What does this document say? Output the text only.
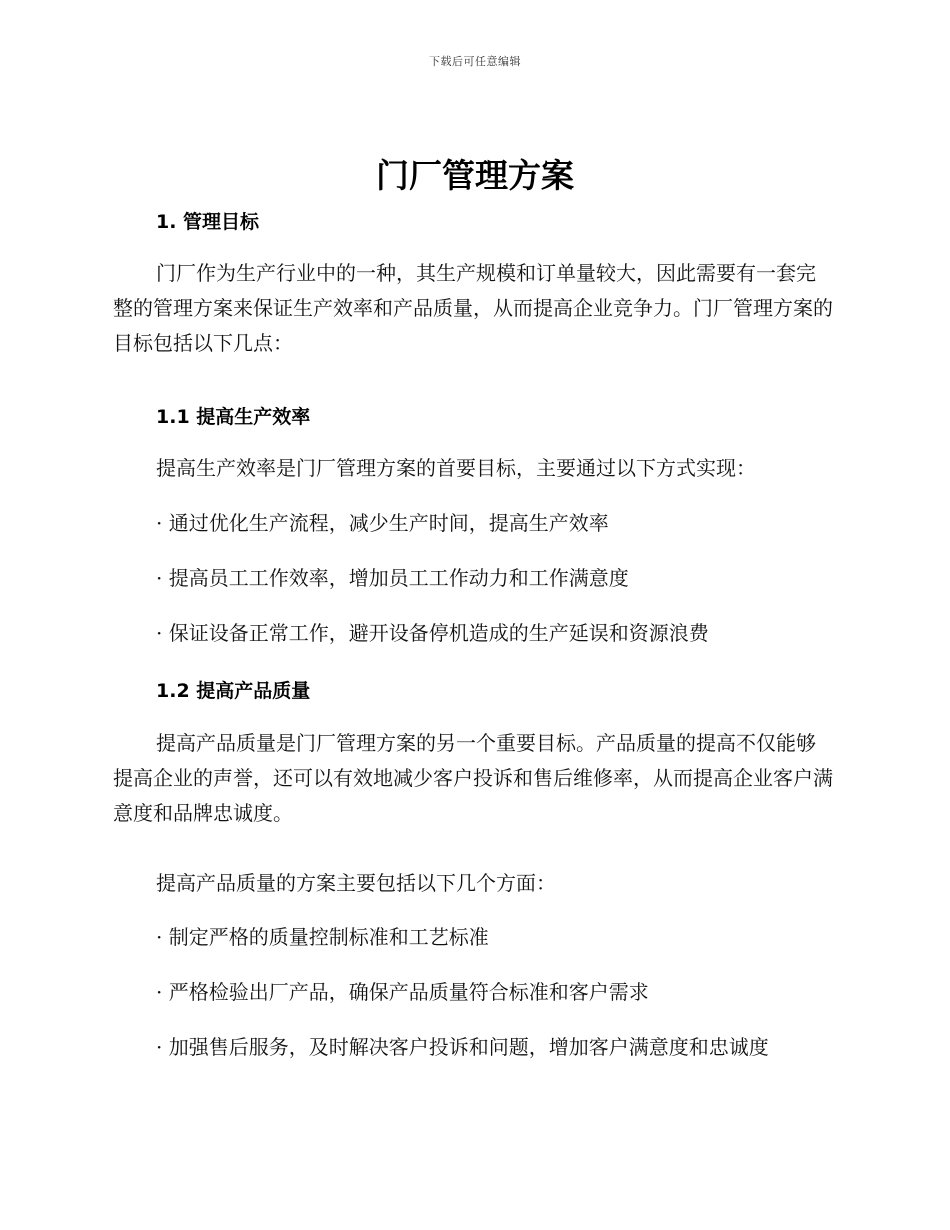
下载后可任意编辑
门厂管理方案
1. 管理目标

门厂作为生产行业中的一种，其生产规模和订单量较大，因此需要有一套完整的管理方案来保证生产效率和产品质量，从而提高企业竞争力。门厂管理方案的目标包括以下几点：

1.1 提高生产效率

提高生产效率是门厂管理方案的首要目标，主要通过以下方式实现：

· 通过优化生产流程，减少生产时间，提高生产效率

· 提高员工工作效率，增加员工工作动力和工作满意度

· 保证设备正常工作，避开设备停机造成的生产延误和资源浪费

1.2 提高产品质量

提高产品质量是门厂管理方案的另一个重要目标。产品质量的提高不仅能够提高企业的声誉，还可以有效地减少客户投诉和售后维修率，从而提高企业客户满意度和品牌忠诚度。

提高产品质量的方案主要包括以下几个方面：

· 制定严格的质量控制标准和工艺标准

· 严格检验出厂产品，确保产品质量符合标准和客户需求

· 加强售后服务，及时解决客户投诉和问题，增加客户满意度和忠诚度
